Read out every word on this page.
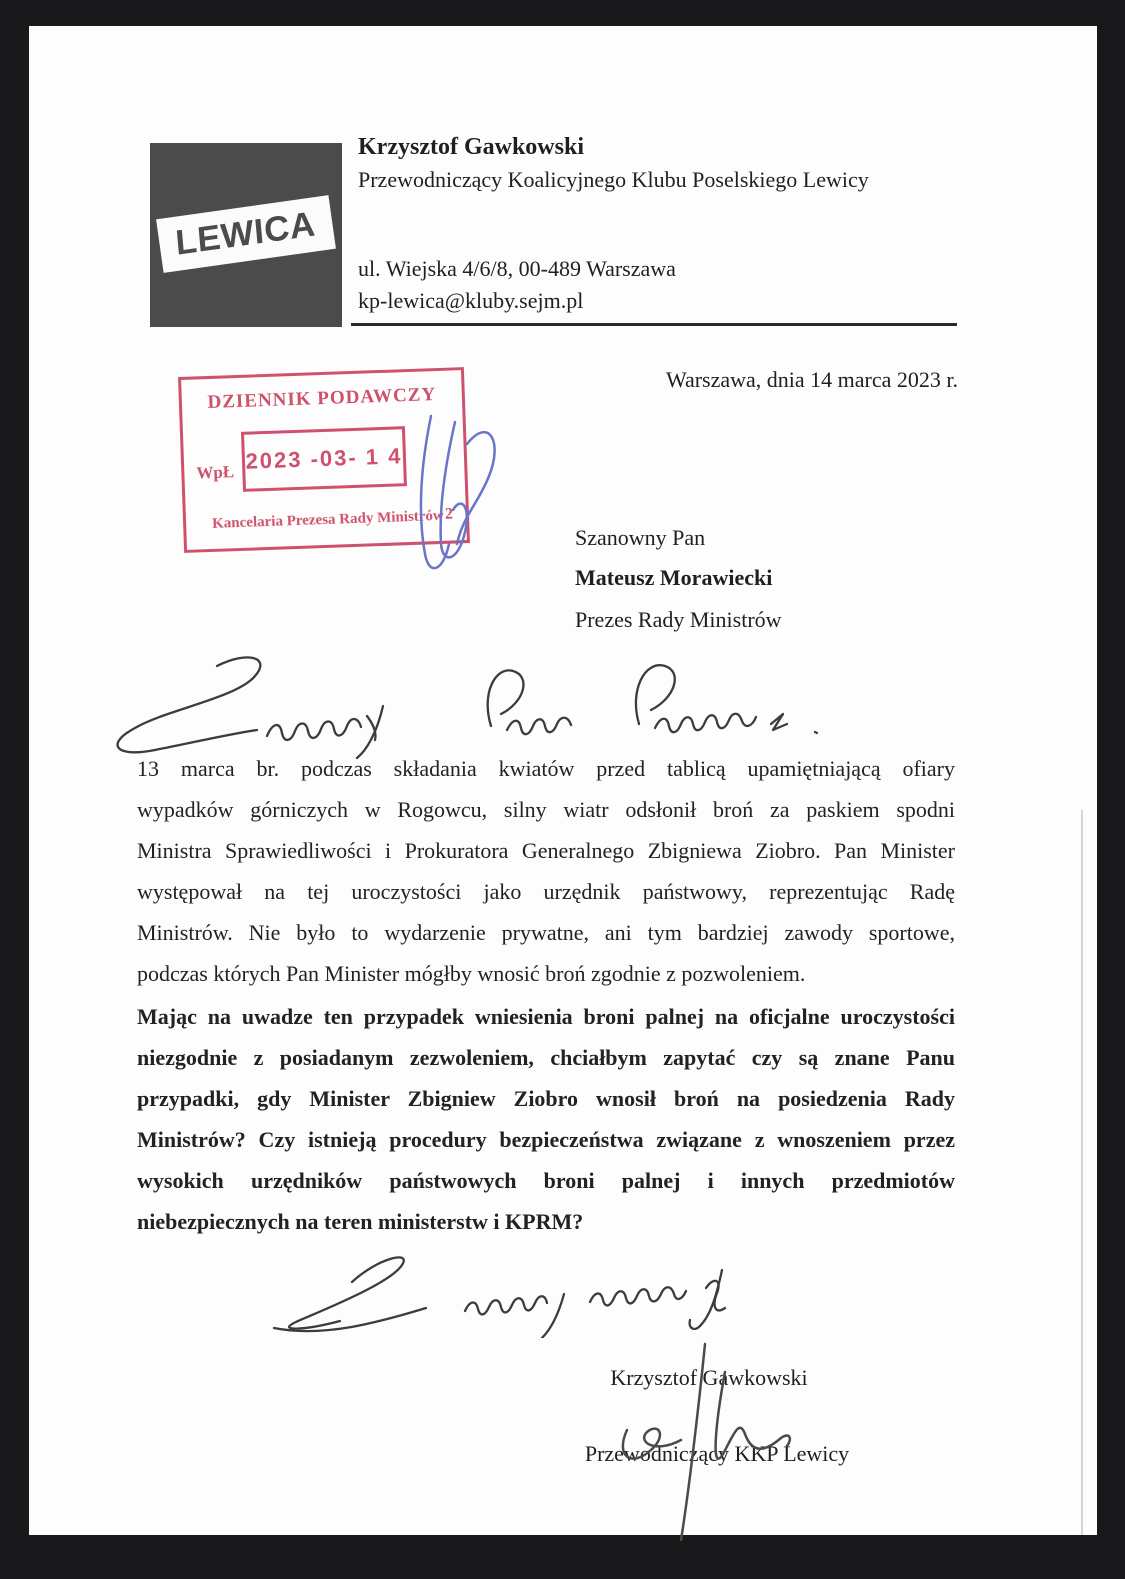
LEWICA
Krzysztof Gawkowski
Przewodniczący Koalicyjnego Klubu Poselskiego Lewicy
ul. Wiejska 4/6/8, 00-489 Warszawa
kp-lewica@kluby.sejm.pl
Warszawa, dnia 14 marca 2023 r.
DZIENNIK PODAWCZY
WpŁ 2023 -03- 1 4
Kancelaria Prezesa Rady Ministrów 2
Szanowny Pan
Mateusz Morawiecki
Prezes Rady Ministrów
13 marca br. podczas składania kwiatów przed tablicą upamiętniającą ofiary
wypadków górniczych w Rogowcu, silny wiatr odsłonił broń za paskiem spodni
Ministra Sprawiedliwości i Prokuratora Generalnego Zbigniewa Ziobro. Pan Minister
występował na tej uroczystości jako urzędnik państwowy, reprezentując Radę
Ministrów. Nie było to wydarzenie prywatne, ani tym bardziej zawody sportowe,
podczas których Pan Minister mógłby wnosić broń zgodnie z pozwoleniem.
Mając na uwadze ten przypadek wniesienia broni palnej na oficjalne uroczystości
niezgodnie z posiadanym zezwoleniem, chciałbym zapytać czy są znane Panu
przypadki, gdy Minister Zbigniew Ziobro wnosił broń na posiedzenia Rady
Ministrów? Czy istnieją procedury bezpieczeństwa związane z wnoszeniem przez
wysokich urzędników państwowych broni palnej i innych przedmiotów
niebezpiecznych na teren ministerstw i KPRM?
Krzysztof Gawkowski
Przewodniczący KKP Lewicy
